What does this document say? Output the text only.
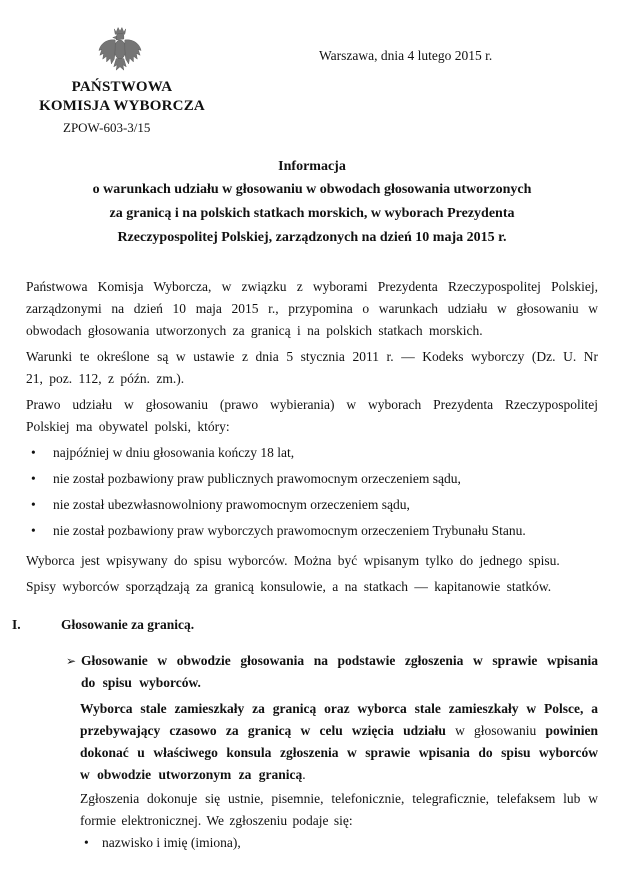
Warszawa, dnia 4 lutego 2015 r.
PAŃSTWOWA
KOMISJA WYBORCZA
ZPOW-603-3/15
Informacja
o warunkach udziału w głosowaniu w obwodach głosowania utworzonych
za granicą i na polskich statkach morskich, w wyborach Prezydenta
Rzeczypospolitej Polskiej, zarządzonych na dzień 10 maja 2015 r.

Państwowa Komisja Wyborcza, w związku z wyborami Prezydenta Rzeczypospolitej Polskiej, zarządzonymi na dzień 10 maja 2015 r., przypomina o warunkach udziału w głosowaniu w obwodach głosowania utworzonych za granicą i na polskich statkach morskich.

Warunki te określone są w ustawie z dnia 5 stycznia 2011 r. — Kodeks wyborczy (Dz. U. Nr 21, poz. 112, z późn. zm.).

Prawo udziału w głosowaniu (prawo wybierania) w wyborach Prezydenta Rzeczypospolitej Polskiej ma obywatel polski, który:

•	najpóźniej w dniu głosowania kończy 18 lat,
•	nie został pozbawiony praw publicznych prawomocnym orzeczeniem sądu,
•	nie został ubezwłasnowolniony prawomocnym orzeczeniem sądu,
•	nie został pozbawiony praw wyborczych prawomocnym orzeczeniem Trybunału Stanu.

Wyborca jest wpisywany do spisu wyborców. Można być wpisanym tylko do jednego spisu.

Spisy wyborców sporządzają za granicą konsulowie, a na statkach — kapitanowie statków.

I.	Głosowanie za granicą.
➢ Głosowanie w obwodzie głosowania na podstawie zgłoszenia w sprawie wpisania do spisu wyborców.

Wyborca stale zamieszkały za granicą oraz wyborca stale zamieszkały w Polsce, a przebywający czasowo za granicą w celu wzięcia udziału w głosowaniu powinien dokonać u właściwego konsula zgłoszenia w sprawie wpisania do spisu wyborców w obwodzie utworzonym za granicą.

Zgłoszenia dokonuje się ustnie, pisemnie, telefonicznie, telegraficznie, telefaksem lub w formie elektronicznej. We zgłoszeniu podaje się:

• nazwisko i imię (imiona),
